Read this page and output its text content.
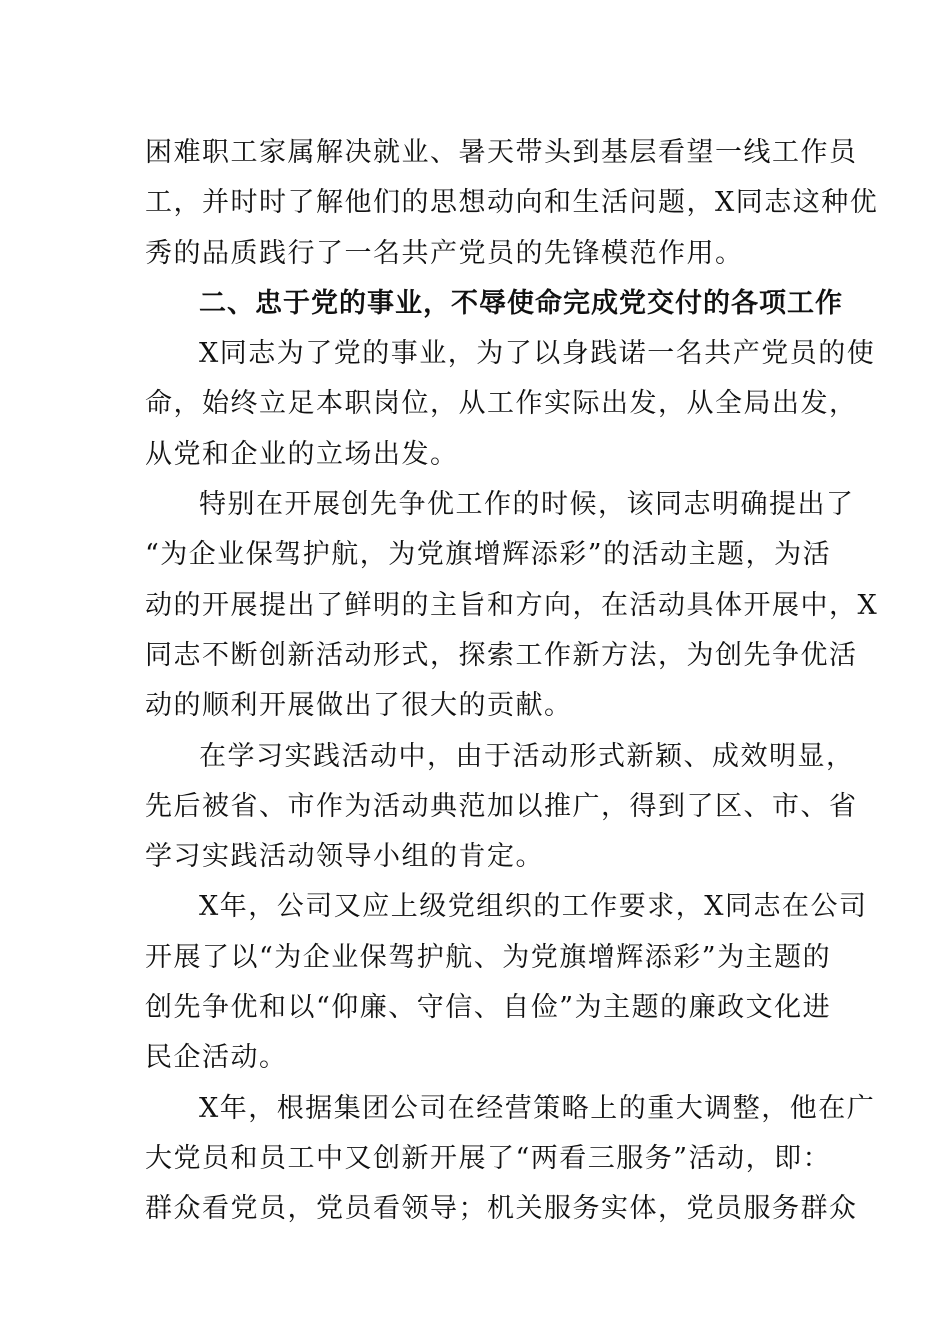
困难职工家属解决就业、暑天带头到基层看望一线工作员
工，并时时了解他们的思想动向和生活问题，X同志这种优
秀的品质践行了一名共产党员的先锋模范作用。
二、忠于党的事业，不辱使命完成党交付的各项工作
X同志为了党的事业，为了以身践诺一名共产党员的使
命，始终立足本职岗位，从工作实际出发，从全局出发，
从党和企业的立场出发。
特别在开展创先争优工作的时候，该同志明确提出了
“为企业保驾护航，为党旗增辉添彩”的活动主题，为活
动的开展提出了鲜明的主旨和方向，在活动具体开展中，X
同志不断创新活动形式，探索工作新方法，为创先争优活
动的顺利开展做出了很大的贡献。
在学习实践活动中，由于活动形式新颖、成效明显，
先后被省、市作为活动典范加以推广，得到了区、市、省
学习实践活动领导小组的肯定。
X年，公司又应上级党组织的工作要求，X同志在公司
开展了以“为企业保驾护航、为党旗增辉添彩”为主题的
创先争优和以“仰廉、守信、自俭”为主题的廉政文化进
民企活动。
X年，根据集团公司在经营策略上的重大调整，他在广
大党员和员工中又创新开展了“两看三服务”活动，即：
群众看党员，党员看领导；机关服务实体，党员服务群众
